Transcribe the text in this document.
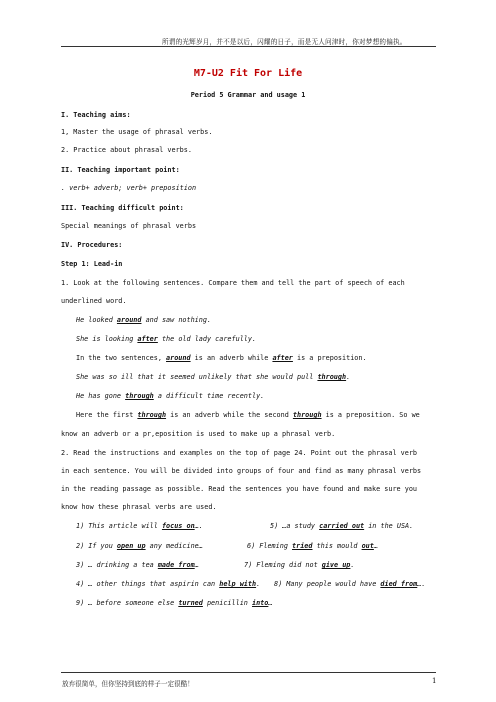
所谓的光辉岁月，并不是以后，闪耀的日子，而是无人问津时，你对梦想的偏执。
M7-U2 Fit For Life
Period 5 Grammar and usage 1
I. Teaching aims:
1, Master the usage of phrasal verbs.
2. Practice about phrasal verbs.
II. Teaching important point:
. verb+ adverb; verb+ preposition
III. Teaching difficult point:
Special meanings of phrasal verbs
IV. Procedures:
Step 1: Lead-in
1. Look at the following sentences. Compare them and tell the part of speech of each
underlined word.
He looked around and saw nothing.
She is looking after the old lady carefully.
In the two sentences, around is an adverb while after is a preposition.
She was so ill that it seemed unlikely that she would pull through.
He has gone through a difficult time recently.
Here the first through is an adverb while the second through is a preposition. So we
know an adverb or a pr,eposition is used to make up a phrasal verb.
2. Read the instructions and examples on the top of page 24. Point out the phrasal verb
in each sentence. You will be divided into groups of four and find as many phrasal verbs
in the reading passage as possible. Read the sentences you have found and make sure you
know how these phrasal verbs are used.
1) This article will focus on….	5) …a study carried out in the USA.
2) If you open up any medicine…	6) Fleming tried this mould out…
3) … drinking a tea made from…	7) Fleming did not give up.
4) … other things that aspirin can help with. 8) Many people would have died from….
9) … before someone else turned penicillin into…
放弃很简单，但你坚持到底的样子一定很酷！	1
